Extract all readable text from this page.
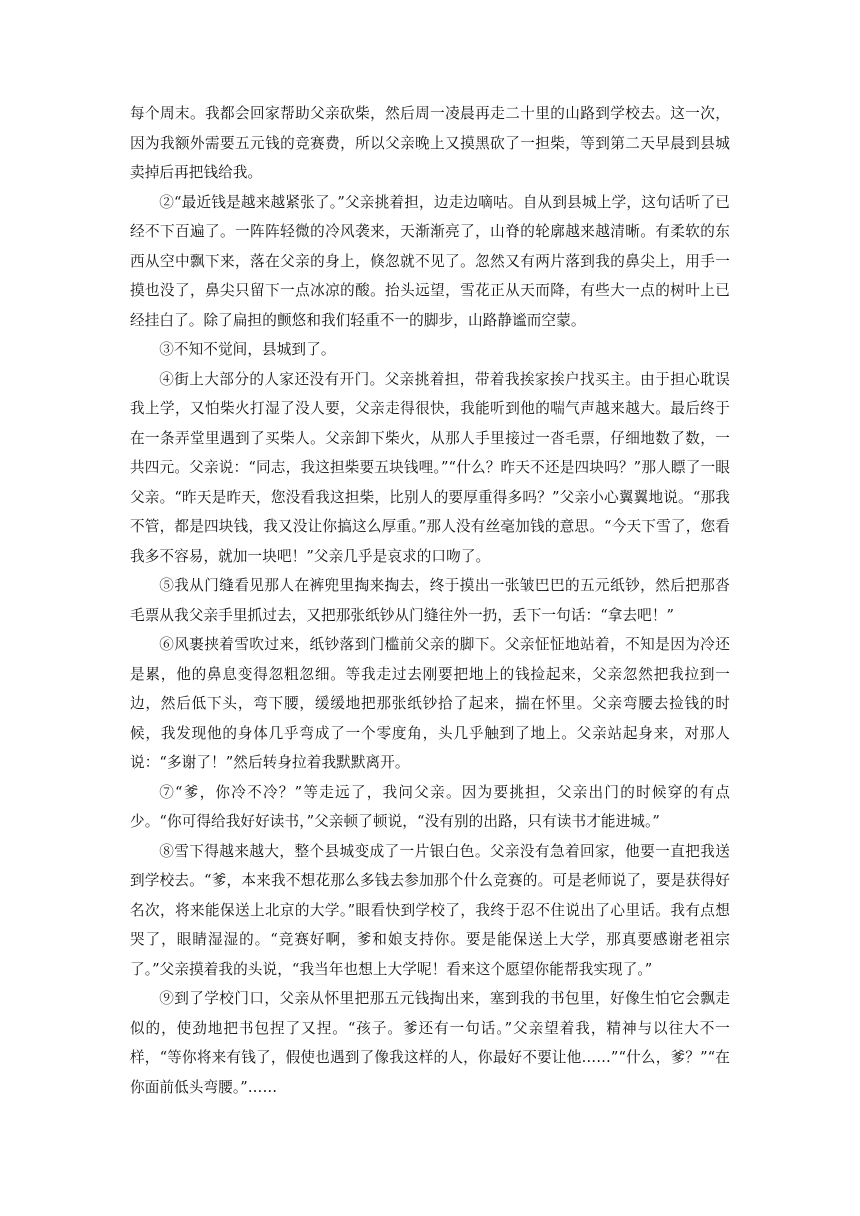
每个周末。我都会回家帮助父亲砍柴，然后周一凌晨再走二十里的山路到学校去。这一次，因为我额外需要五元钱的竞赛费，所以父亲晚上又摸黑砍了一担柴，等到第二天早晨到县城卖掉后再把钱给我。

②“最近钱是越来越紧张了。”父亲挑着担，边走边嘀咕。自从到县城上学，这句话听了已经不下百遍了。一阵阵轻微的冷风袭来，天渐渐亮了，山脊的轮廓越来越清晰。有柔软的东西从空中飘下来，落在父亲的身上，倏忽就不见了。忽然又有两片落到我的鼻尖上，用手一摸也没了，鼻尖只留下一点冰凉的酸。抬头远望，雪花正从天而降，有些大一点的树叶上已经挂白了。除了扁担的颤悠和我们轻重不一的脚步，山路静谧而空蒙。

③不知不觉间，县城到了。

④街上大部分的人家还没有开门。父亲挑着担，带着我挨家挨户找买主。由于担心耽误我上学，又怕柴火打湿了没人要，父亲走得很快，我能听到他的喘气声越来越大。最后终于在一条弄堂里遇到了买柴人。父亲卸下柴火，从那人手里接过一沓毛票，仔细地数了数，一共四元。父亲说：“同志，我这担柴要五块钱哩。”“什么？昨天不还是四块吗？”那人瞟了一眼父亲。“昨天是昨天，您没看我这担柴，比别人的要厚重得多吗？”父亲小心翼翼地说。“那我不管，都是四块钱，我又没让你搞这么厚重。”那人没有丝毫加钱的意思。“今天下雪了，您看我多不容易，就加一块吧！”父亲几乎是哀求的口吻了。

⑤我从门缝看见那人在裤兜里掏来掏去，终于摸出一张皱巴巴的五元纸钞，然后把那沓毛票从我父亲手里抓过去，又把那张纸钞从门缝往外一扔，丢下一句话：“拿去吧！”

⑥风裹挟着雪吹过来，纸钞落到门槛前父亲的脚下。父亲怔怔地站着，不知是因为冷还是累，他的鼻息变得忽粗忽细。等我走过去刚要把地上的钱捡起来，父亲忽然把我拉到一边，然后低下头，弯下腰，缓缓地把那张纸钞拾了起来，揣在怀里。父亲弯腰去捡钱的时候，我发现他的身体几乎弯成了一个零度角，头几乎触到了地上。父亲站起身来，对那人说：“多谢了！”然后转身拉着我默默离开。

⑦“爹，你冷不冷？”等走远了，我问父亲。因为要挑担，父亲出门的时候穿的有点少。“你可得给我好好读书，”父亲顿了顿说，“没有别的出路，只有读书才能进城。”

⑧雪下得越来越大，整个县城变成了一片银白色。父亲没有急着回家，他要一直把我送到学校去。“爹，本来我不想花那么多钱去参加那个什么竞赛的。可是老师说了，要是获得好名次，将来能保送上北京的大学。”眼看快到学校了，我终于忍不住说出了心里话。我有点想哭了，眼睛湿湿的。“竞赛好啊，爹和娘支持你。要是能保送上大学，那真要感谢老祖宗了。”父亲摸着我的头说，“我当年也想上大学呢！看来这个愿望你能帮我实现了。”

⑨到了学校门口，父亲从怀里把那五元钱掏出来，塞到我的书包里，好像生怕它会飘走似的，使劲地把书包捏了又捏。“孩子。爹还有一句话。”父亲望着我，精神与以往大不一样，“等你将来有钱了，假使也遇到了像我这样的人，你最好不要让他……”“什么，爹？”“在你面前低头弯腰。”……
